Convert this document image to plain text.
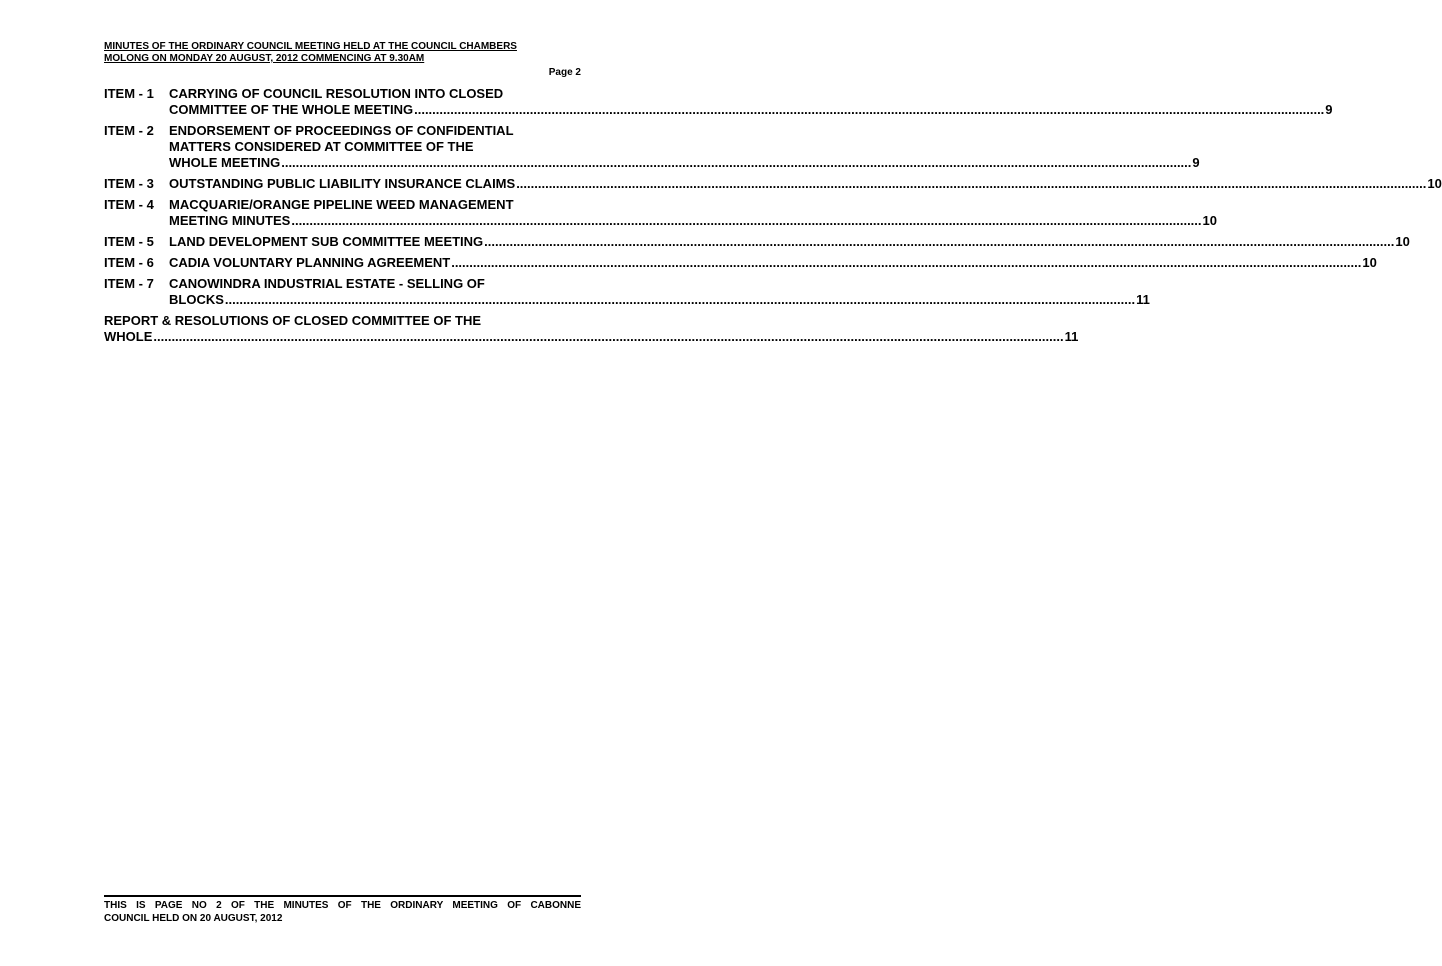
MINUTES OF THE ORDINARY COUNCIL MEETING HELD AT THE COUNCIL CHAMBERS
MOLONG ON MONDAY 20 AUGUST, 2012 COMMENCING AT 9.30AM
Page 2
ITEM - 1	CARRYING OF COUNCIL RESOLUTION INTO CLOSED
COMMITTEE OF THE WHOLE MEETING .....	9
ITEM - 2	ENDORSEMENT OF PROCEEDINGS OF CONFIDENTIAL
MATTERS CONSIDERED AT COMMITTEE OF THE
WHOLE MEETING .....	9
ITEM - 3	OUTSTANDING PUBLIC LIABILITY INSURANCE CLAIMS .....	10
ITEM - 4	MACQUARIE/ORANGE PIPELINE WEED MANAGEMENT
MEETING MINUTES .....	10
ITEM - 5	LAND DEVELOPMENT SUB COMMITTEE MEETING .....	10
ITEM - 6	CADIA VOLUNTARY PLANNING AGREEMENT .....	10
ITEM - 7	CANOWINDRA INDUSTRIAL ESTATE - SELLING OF
BLOCKS .....	11
REPORT & RESOLUTIONS OF CLOSED COMMITTEE OF THE
WHOLE .....	11
THIS IS PAGE NO 2 OF THE MINUTES OF THE ORDINARY MEETING OF CABONNE
COUNCIL HELD ON 20 AUGUST, 2012
